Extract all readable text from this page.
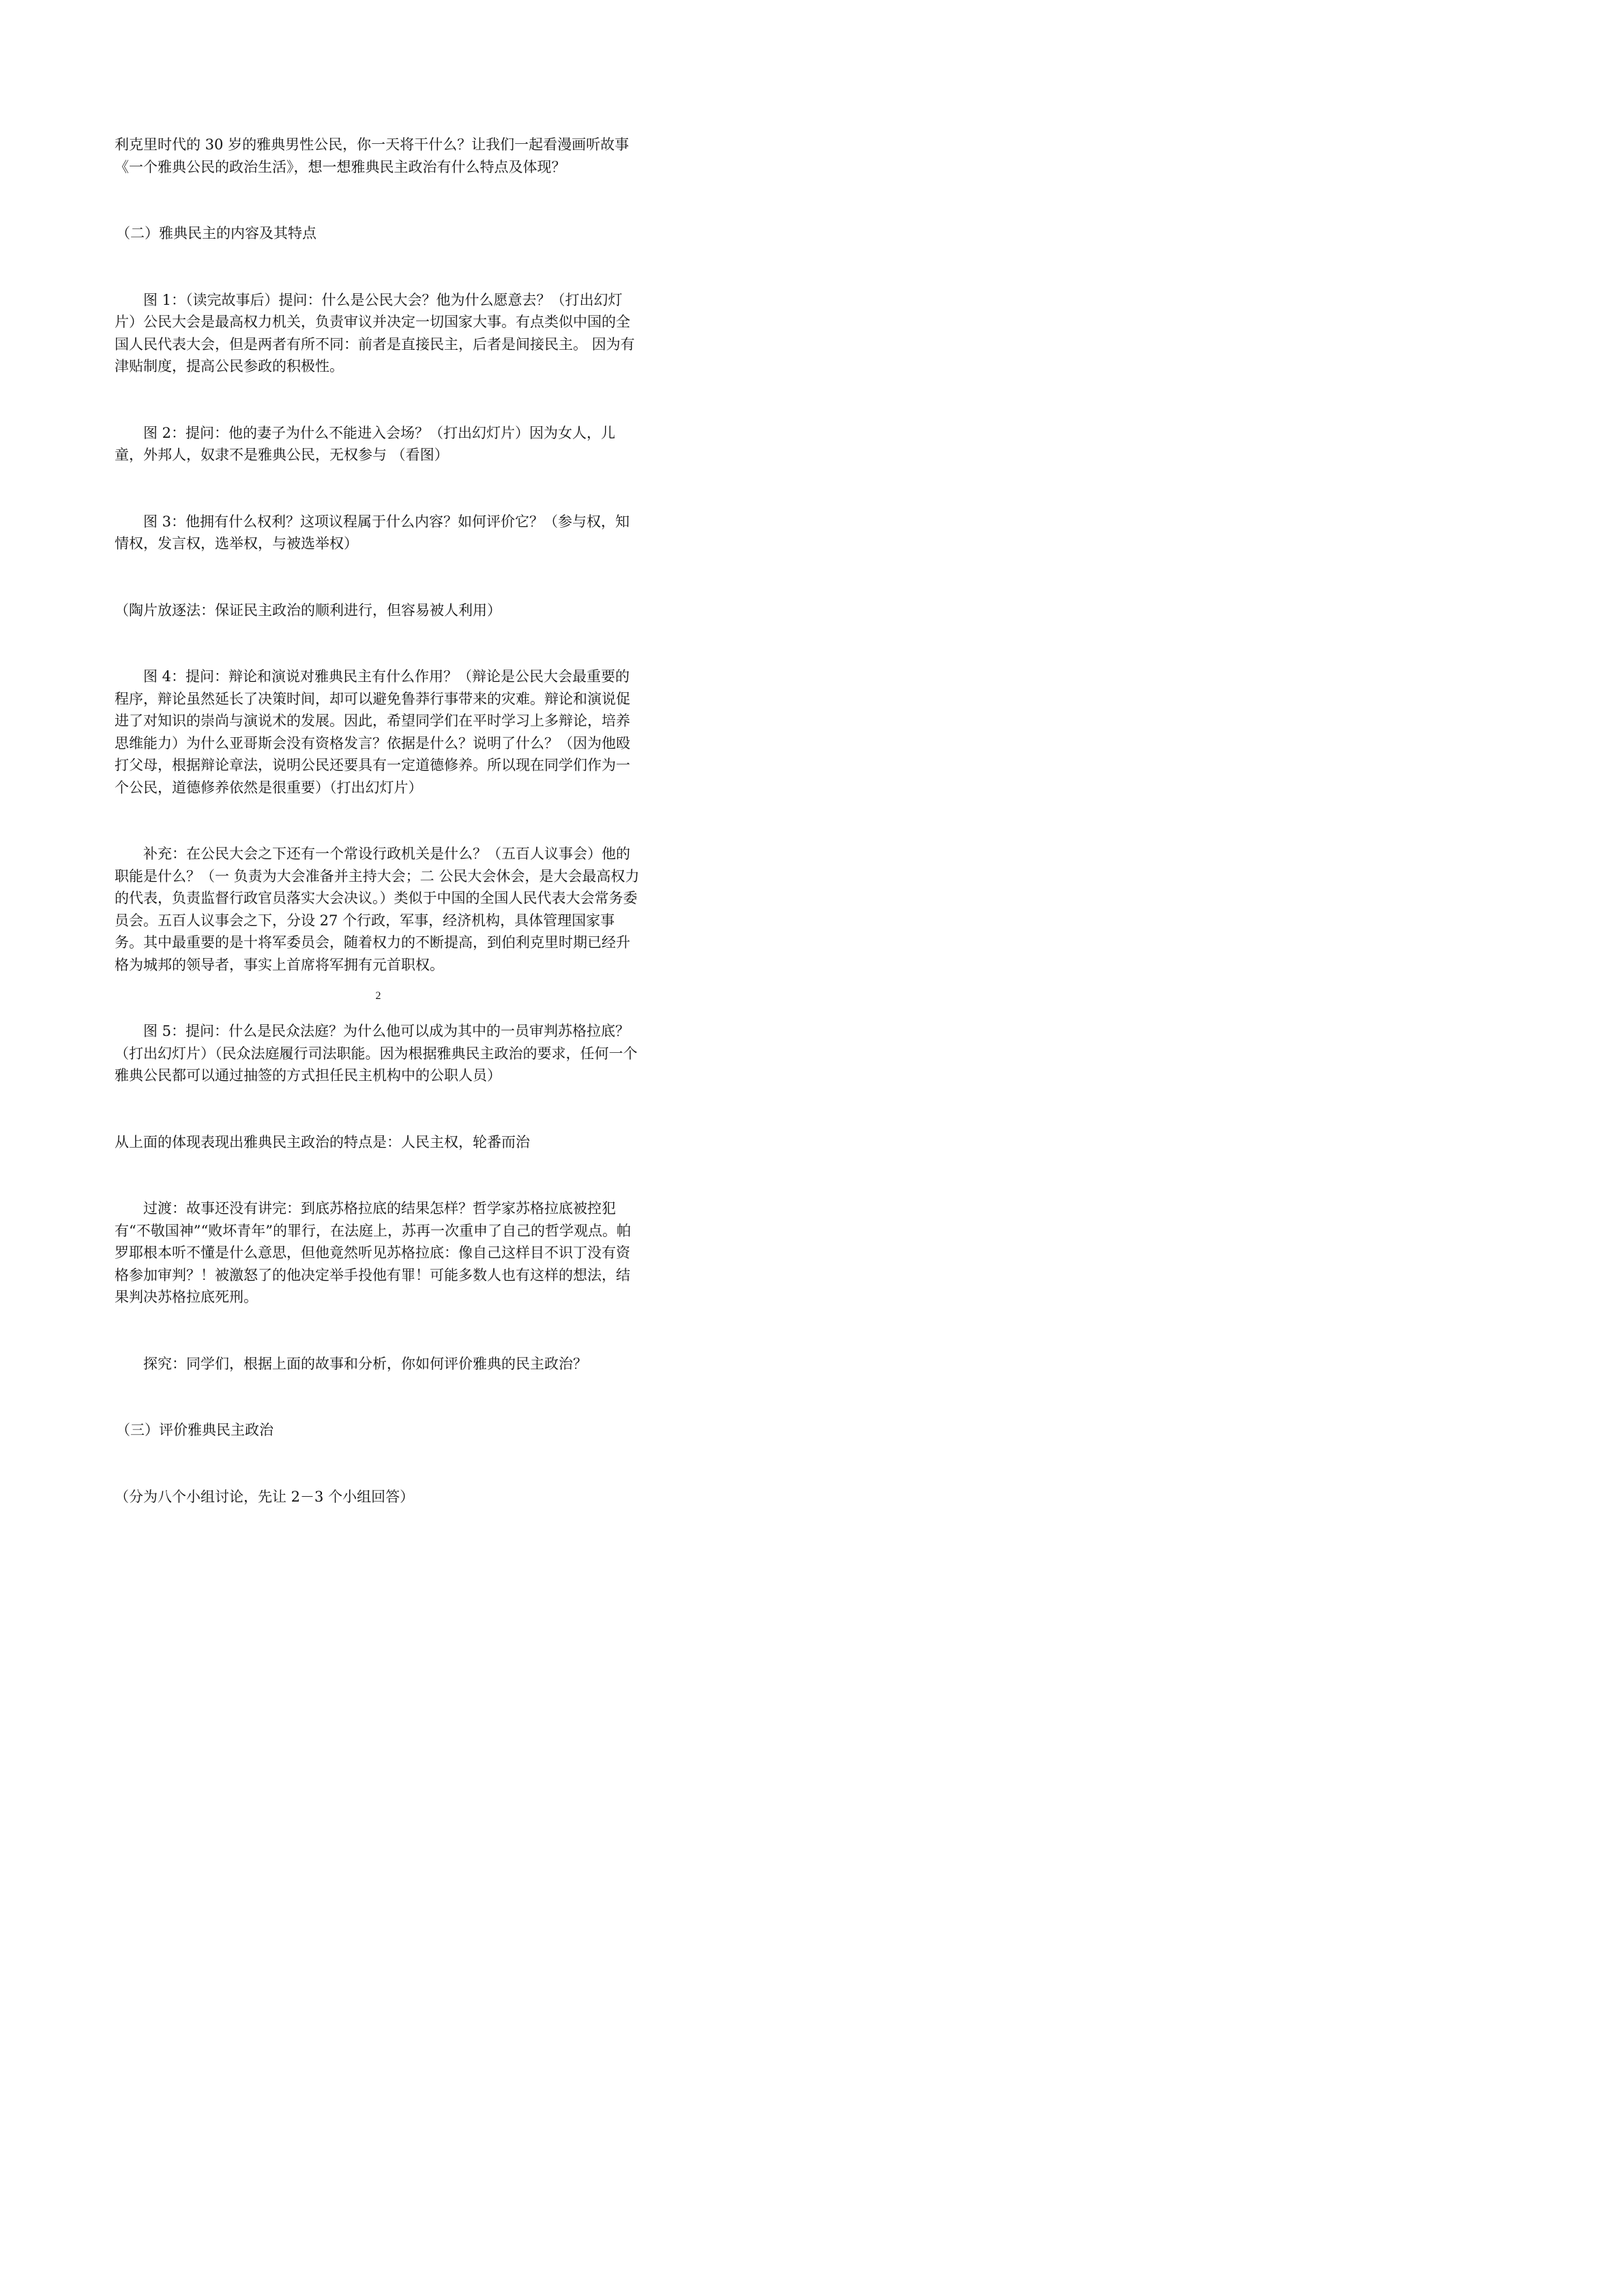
利克里时代的 30 岁的雅典男性公民，你一天将干什么？让我们一起看漫画听故事《一个雅典公民的政治生活》，想一想雅典民主政治有什么特点及体现？

（二）雅典民主的内容及其特点

图 1：（读完故事后）提问：什么是公民大会？他为什么愿意去？（打出幻灯片）公民大会是最高权力机关，负责审议并决定一切国家大事。有点类似中国的全国人民代表大会，但是两者有所不同：前者是直接民主，后者是间接民主。 因为有津贴制度，提高公民参政的积极性。

图 2：提问：他的妻子为什么不能进入会场？（打出幻灯片）因为女人，儿童，外邦人，奴隶不是雅典公民，无权参与 （看图）

图 3：他拥有什么权利？这项议程属于什么内容？如何评价它？（参与权，知情权，发言权，选举权，与被选举权）

（陶片放逐法：保证民主政治的顺利进行，但容易被人利用）

图 4：提问：辩论和演说对雅典民主有什么作用？（辩论是公民大会最重要的程序，辩论虽然延长了决策时间，却可以避免鲁莽行事带来的灾难。辩论和演说促进了对知识的崇尚与演说术的发展。因此，希望同学们在平时学习上多辩论，培养思维能力）为什么亚哥斯会没有资格发言？依据是什么？说明了什么？（因为他殴打父母，根据辩论章法，说明公民还要具有一定道德修养。所以现在同学们作为一个公民，道德修养依然是很重要）（打出幻灯片）

补充：在公民大会之下还有一个常设行政机关是什么？（五百人议事会）他的职能是什么？（一 负责为大会准备并主持大会；二 公民大会休会，是大会最高权力的代表，负责监督行政官员落实大会决议。）类似于中国的全国人民代表大会常务委员会。五百人议事会之下，分设 27 个行政，军事，经济机构，具体管理国家事务。其中最重要的是十将军委员会，随着权力的不断提高，到伯利克里时期已经升格为城邦的领导者，事实上首席将军拥有元首职权。

图 5：提问：什么是民众法庭？为什么他可以成为其中的一员审判苏格拉底？（打出幻灯片）（民众法庭履行司法职能。因为根据雅典民主政治的要求，任何一个雅典公民都可以通过抽签的方式担任民主机构中的公职人员）

从上面的体现表现出雅典民主政治的特点是：人民主权，轮番而治

过渡：故事还没有讲完：到底苏格拉底的结果怎样？哲学家苏格拉底被控犯有“不敬国神”“败坏青年”的罪行，在法庭上，苏再一次重申了自己的哲学观点。帕罗耶根本听不懂是什么意思，但他竟然听见苏格拉底：像自己这样目不识丁没有资格参加审判？！被激怒了的他决定举手投他有罪！可能多数人也有这样的想法，结果判决苏格拉底死刑。

探究：同学们，根据上面的故事和分析，你如何评价雅典的民主政治？

（三）评价雅典民主政治

（分为八个小组讨论，先让 2－3 个小组回答）

2
